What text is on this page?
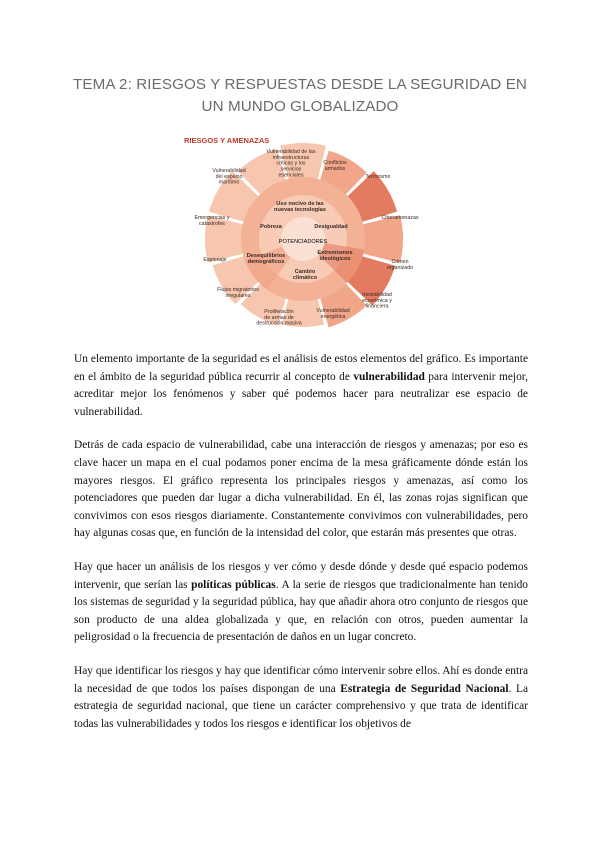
TEMA 2: RIESGOS Y RESPUESTAS DESDE LA SEGURIDAD EN
UN MUNDO GLOBALIZADO
Vulnerabilidad de las infraestructuras críticas y los servicios esenciales
Conflictos armados
Terrorismo
Ciberamenazas
Crimen organizado
Inestabilidad económica y financiera
Vulnerabilidad energética
Proliferación de armas de destrucción masiva
Flujos migratorios irregulares
Espionaje
Emergencias y catástrofes
Vulnerabilidad del espacio marítimo
Uso nocivo de las nuevas tecnologías
Pobreza	Desigualdad
Desequilibrios demográficos
Extremismos ideológicos
Cambio climático
RIESGOS Y AMENAZAS
POTENCIADORES

Un elemento importante de la seguridad es el análisis de estos elementos del gráfico. Es importante en el ámbito de la seguridad pública recurrir al concepto de vulnerabilidad para intervenir mejor, acreditar mejor los fenómenos y saber qué podemos hacer para neutralizar ese espacio de vulnerabilidad.

Detrás de cada espacio de vulnerabilidad, cabe una interacción de riesgos y amenazas; por eso es clave hacer un mapa en el cual podamos poner encima de la mesa gráficamente dónde están los mayores riesgos. El gráfico representa los principales riesgos y amenazas, así como los potenciadores que pueden dar lugar a dicha vulnerabilidad. En él, las zonas rojas significan que convivimos con esos riesgos diariamente. Constantemente convivimos con vulnerabilidades, pero hay algunas cosas que, en función de la intensidad del color, que estarán más presentes que otras.

Hay que hacer un análisis de los riesgos y ver cómo y desde dónde y desde qué espacio podemos intervenir, que serían las políticas públicas. A la serie de riesgos que tradicionalmente han tenido los sistemas de seguridad y la seguridad pública, hay que añadir ahora otro conjunto de riesgos que son producto de una aldea globalizada y que, en relación con otros, pueden aumentar la peligrosidad o la frecuencia de presentación de daños en un lugar concreto.

Hay que identificar los riesgos y hay que identificar cómo intervenir sobre ellos. Ahí es donde entra la necesidad de que todos los países dispongan de una Estrategia de Seguridad Nacional. La estrategia de seguridad nacional, que tiene un carácter comprehensivo y que trata de identificar todas las vulnerabilidades y todos los riesgos e identificar los objetivos de
